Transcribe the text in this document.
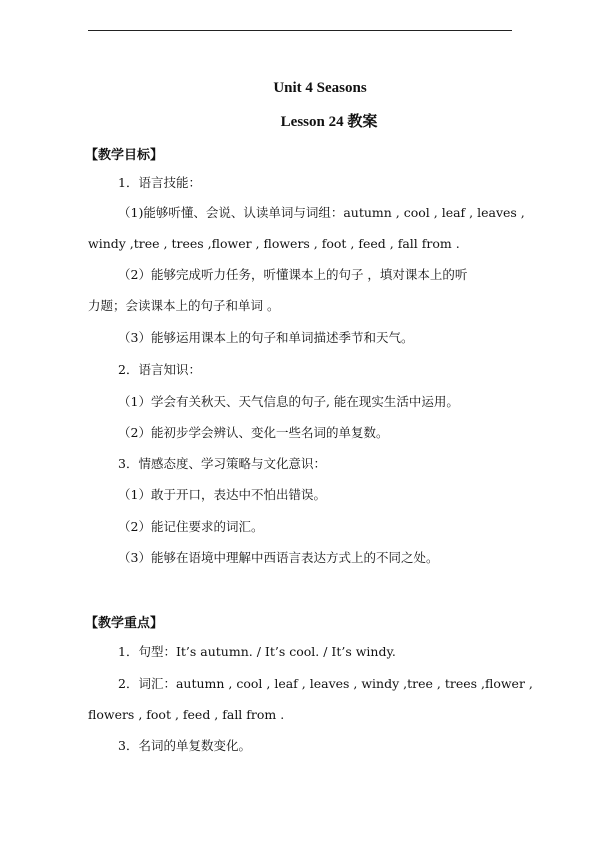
Unit 4 Seasons
Lesson 24 教案
【教学目标】
1．语言技能：
（1)能够听懂、会说、认读单词与词组：autumn , cool , leaf , leaves ,
windy ,tree , trees ,flower , flowers , foot , feed , fall from .
（2）能够完成听力任务，听懂课本上的句子 ，填对课本上的听
力题；会读课本上的句子和单词 。
（3）能够运用课本上的句子和单词描述季节和天气。
2．语言知识：
（1）学会有关秋天、天气信息的句子, 能在现实生活中运用。
（2）能初步学会辨认、变化一些名词的单复数。
3．情感态度、学习策略与文化意识：
（1）敢于开口，表达中不怕出错误。
（2）能记住要求的词汇。
（3）能够在语境中理解中西语言表达方式上的不同之处。
【教学重点】
1．句型：It’s autumn. / It’s cool. / It’s windy.
2．词汇：autumn , cool , leaf , leaves , windy ,tree , trees ,flower ,
flowers , foot , feed , fall from .
3．名词的单复数变化。
